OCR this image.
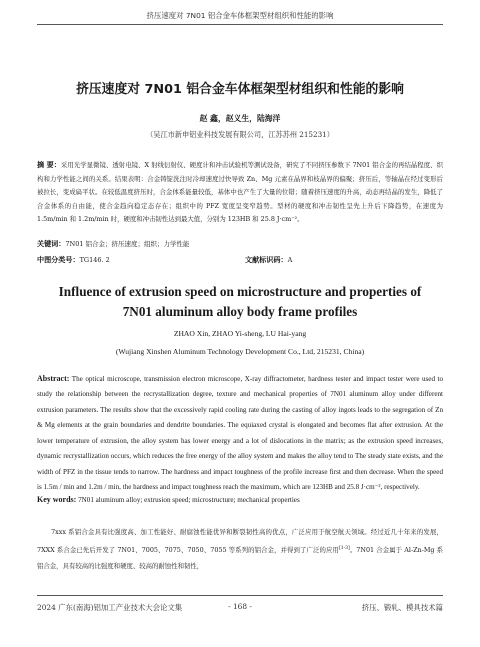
挤压速度对 7N01 铝合金车体框架型材组织和性能的影响
挤压速度对 7N01 铝合金车体框架型材组织和性能的影响
赵 鑫，赵义生，陆海洋
（吴江市新申铝业科技发展有限公司，江苏苏州 215231）
摘 要：采用光学显微镜、透射电镜、X 射线衍射仪、硬度计和冲击试验机等测试设备，研究了不同挤压参数下 7N01 铝合金的再结晶程度、织构和力学性能之间的关系。结果表明：合金铸锭洗注时冷却速度过快导致 Zn、Mg 元素在晶界和枝晶界的偏聚；挤压后，等轴晶在经过变形后被拉长，变成扁平状。在较低温度挤压时，合金体系能量较低，基体中也产生了大量的位错；随着挤压速度的升高，动态再结晶的发生，降低了合金体系的自由能，使合金趋向稳定态存在；组织中的 PFZ 宽度呈变窄趋势。型材的硬度和冲击韧性呈先上升后下降趋势，在速度为 1.5m/min 和 1.2m/min 时，硬度和冲击韧性达到最大值，分别为 123HB 和 25.8 J·cm⁻²。
关键词：7N01 铝合金；挤压速度；组织；力学性能
中图分类号：TG146. 2	文献标识码：A
Influence of extrusion speed on microstructure and properties of 7N01 aluminum alloy body frame profiles
ZHAO Xin, ZHAO Yi-sheng, LU Hai-yang
(Wujiang Xinshen Aluminum Technology Development Co., Ltd, 215231, China)
Abstract: The optical microscope, transmission electron microscope, X-ray diffractometer, hardness tester and impact tester were used to study the relationship between the recrystallization degree, texture and mechanical properties of 7N01 aluminum alloy under different extrusion parameters. The results show that the excessively rapid cooling rate during the casting of alloy ingots leads to the segregation of Zn & Mg elements at the grain boundaries and dendrite boundaries. The equiaxed crystal is elongated and becomes flat after extrusion. At the lower temperature of extrusion, the alloy system has lower energy and a lot of dislocations in the matrix; as the extrusion speed increases, dynamic recrystallization occurs, which reduces the free energy of the alloy system and makes the alloy tend to The steady state exists, and the width of PFZ in the tissue tends to narrow. The hardness and impact toughness of the profile increase first and then decrease. When the speed is 1.5m / min and 1.2m / min, the hardness and impact toughness reach the maximum, which are 123HB and 25.8 J·cm⁻², respectively.
Key words: 7N01 aluminum alloy; extrusion speed; microstructure; mechanical properties
7xxx 系铝合金具有比强度高、加工性能好、耐腐蚀性能优异和断裂韧性高的优点，广泛应用于航空航天领域。经过近几十年来的发展，7XXX 系合金已先后开发了 7N01、7005、7075、7050、7055 等系列的铝合金，并得到了广泛的应用[1-3]。7N01 合金属于 Al-Zn-Mg 系铝合金，具有较高的比强度和硬度、较高的耐蚀性和韧性，
2024 广东(南海)铝加工产业技术大会论文集	- 168 -	挤压、锻轧、模具技术篇
